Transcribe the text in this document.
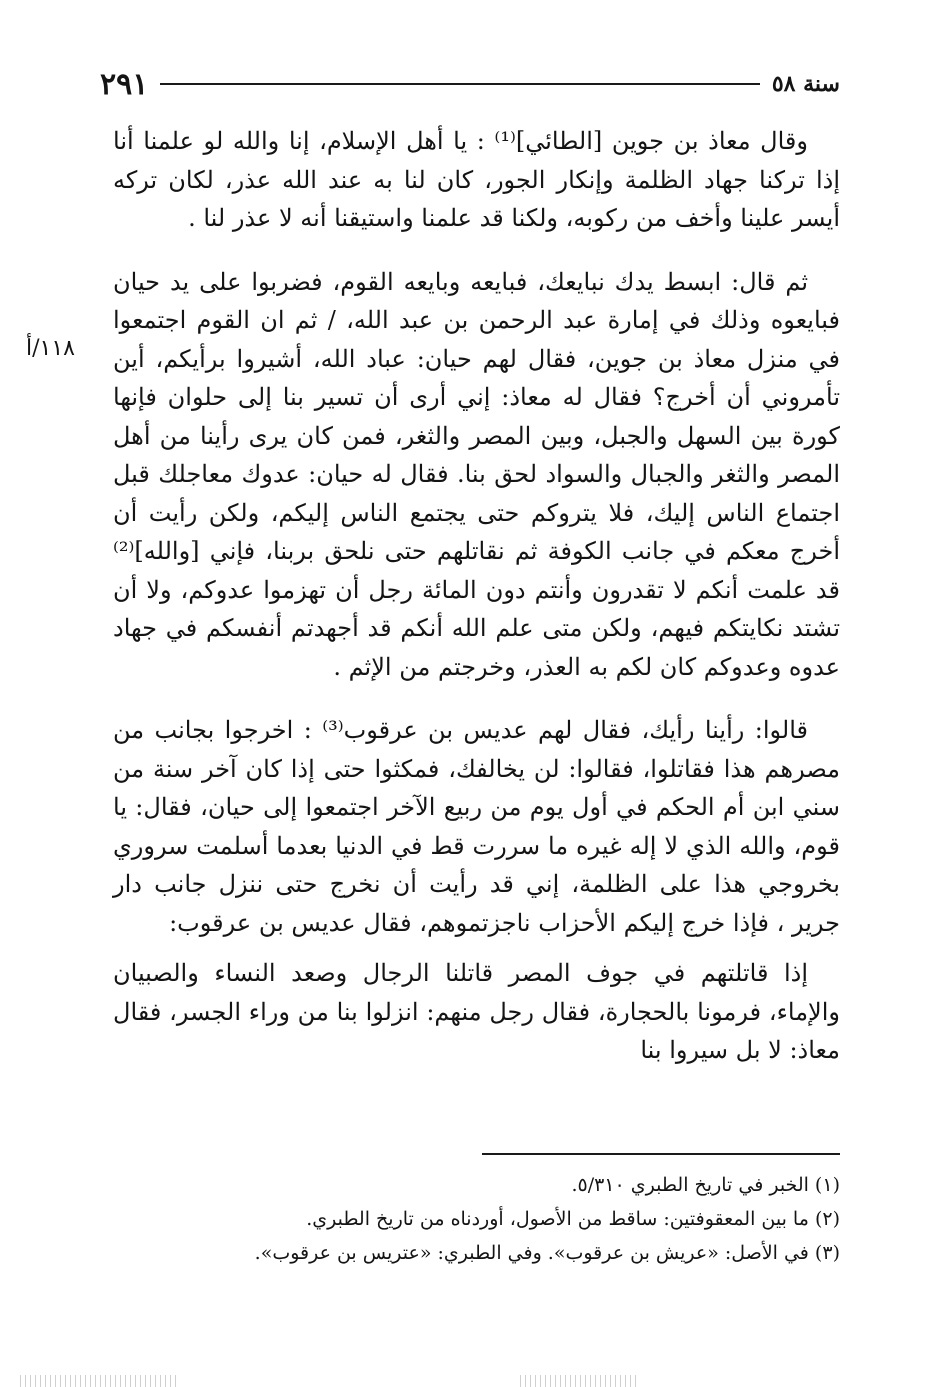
سنة ٥٨
٢٩١
١١٨/أ

وقال معاذ بن جوين [الطائي]⁽¹⁾ : يا أهل الإسلام، إنا والله لو علمنا أنا إذا تركنا جهاد الظلمة وإنكار الجور، كان لنا به عند الله عذر، لكان تركه أيسر علينا وأخف من ركوبه، ولكنا قد علمنا واستيقنا أنه لا عذر لنا .

ثم قال: ابسط يدك نبايعك، فبايعه وبايعه القوم، فضربوا على يد حيان فبايعوه وذلك في إمارة عبد الرحمن بن عبد الله، / ثم ان القوم اجتمعوا في منزل معاذ بن جوين، فقال لهم حيان: عباد الله، أشيروا برأيكم، أين تأمروني أن أخرج؟ فقال له معاذ: إني أرى أن تسير بنا إلى حلوان فإنها كورة بين السهل والجبل، وبين المصر والثغر، فمن كان يرى رأينا من أهل المصر والثغر والجبال والسواد لحق بنا. فقال له حيان: عدوك معاجلك قبل اجتماع الناس إليك، فلا يتروكم حتى يجتمع الناس إليكم، ولكن رأيت أن أخرج معكم في جانب الكوفة ثم نقاتلهم حتى نلحق بربنا، فإني [والله]⁽²⁾ قد علمت أنكم لا تقدرون وأنتم دون المائة رجل أن تهزموا عدوكم، ولا أن تشتد نكايتكم فيهم، ولكن متى علم الله أنكم قد أجهدتم أنفسكم في جهاد عدوه وعدوكم كان لكم به العذر، وخرجتم من الإثم .

قالوا: رأينا رأيك، فقال لهم عديس بن عرقوب⁽³⁾ : اخرجوا بجانب من مصرهم هذا فقاتلوا، فقالوا: لن يخالفك، فمكثوا حتى إذا كان آخر سنة من سني ابن أم الحكم في أول يوم من ربيع الآخر اجتمعوا إلى حيان، فقال: يا قوم، والله الذي لا إله غيره ما سررت قط في الدنيا بعدما أسلمت سروري بخروجي هذا على الظلمة، إني قد رأيت أن نخرج حتى ننزل جانب دار جرير ، فإذا خرج إليكم الأحزاب ناجزتموهم، فقال عديس بن عرقوب:

إذا قاتلتهم في جوف المصر قاتلنا الرجال وصعد النساء والصبيان والإماء، فرمونا بالحجارة، فقال رجل منهم: انزلوا بنا من وراء الجسر، فقال معاذ: لا بل سيروا بنا

(١) الخبر في تاريخ الطبري ٥/٣١٠.
(٢) ما بين المعقوفتين: ساقط من الأصول، أوردناه من تاريخ الطبري.
(٣) في الأصل: «عريش بن عرقوب». وفي الطبري: «عتريس بن عرقوب».
